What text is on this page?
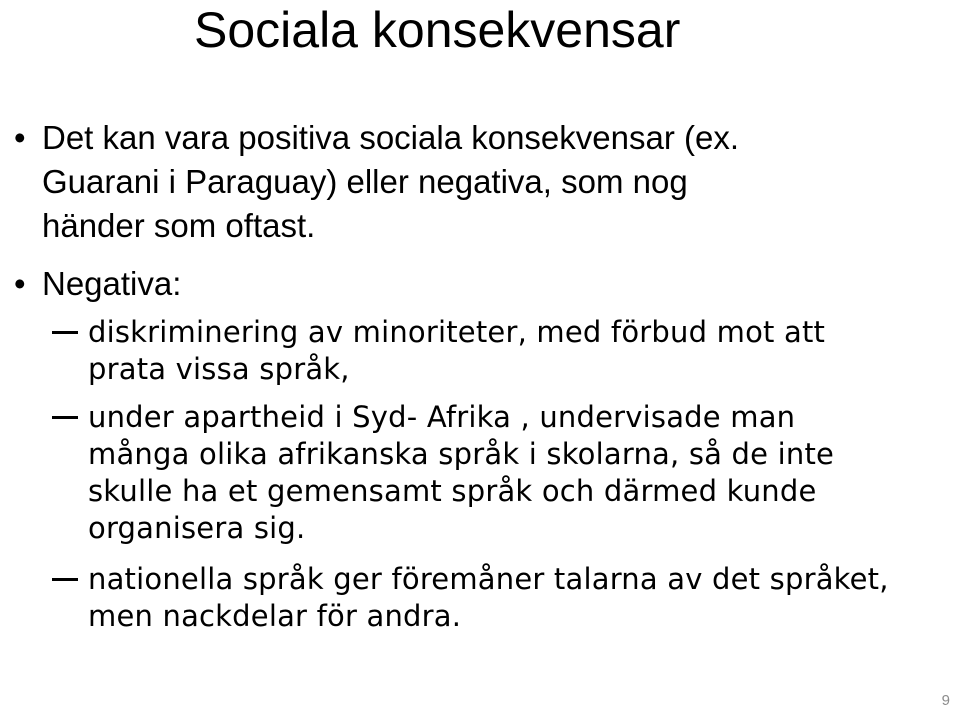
Sociala konsekvensar
• Det kan vara positiva sociala konsekvensar (ex.
Guarani i Paraguay) eller negativa, som nog
händer som oftast.
• Negativa:
diskriminering av minoriteter, med förbud mot att
prata vissa språk,
under apartheid i Syd- Afrika , undervisade man
många olika afrikanska språk i skolarna, så de inte
skulle ha et gemensamt språk och därmed kunde
organisera sig.
nationella språk ger föremåner talarna av det språket,
men nackdelar för andra.
9
